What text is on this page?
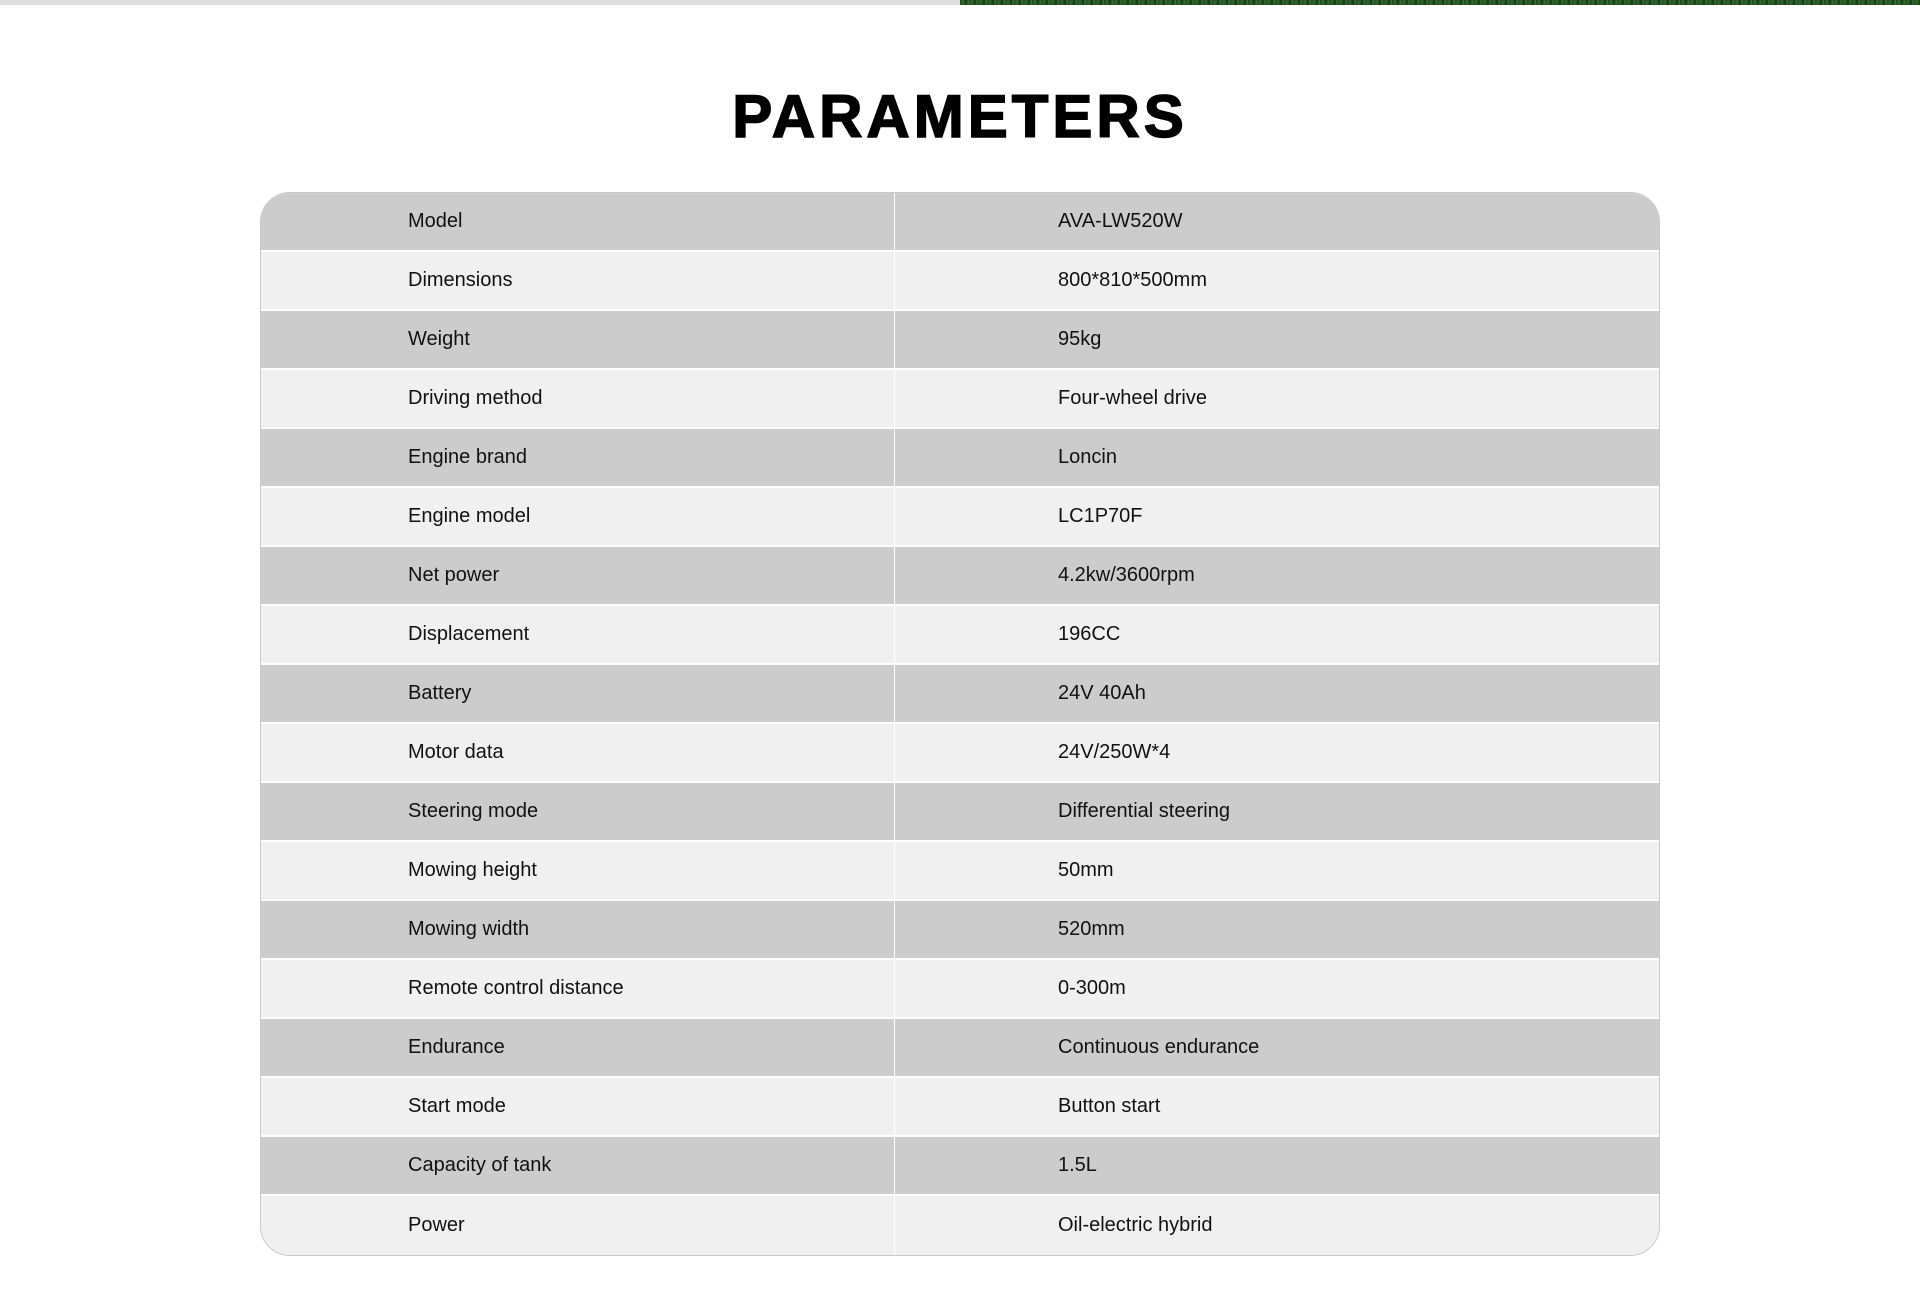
PARAMETERS
Model	AVA-LW520W
Dimensions	800*810*500mm
Weight	95kg
Driving method	Four-wheel drive
Engine brand	Loncin
Engine model	LC1P70F
Net power	4.2kw/3600rpm
Displacement	196CC
Battery	24V 40Ah
Motor data	24V/250W*4
Steering mode	Differential steering
Mowing height	50mm
Mowing width	520mm
Remote control distance	0-300m
Endurance	Continuous endurance
Start mode	Button start
Capacity of tank	1.5L
Power	Oil-electric hybrid
